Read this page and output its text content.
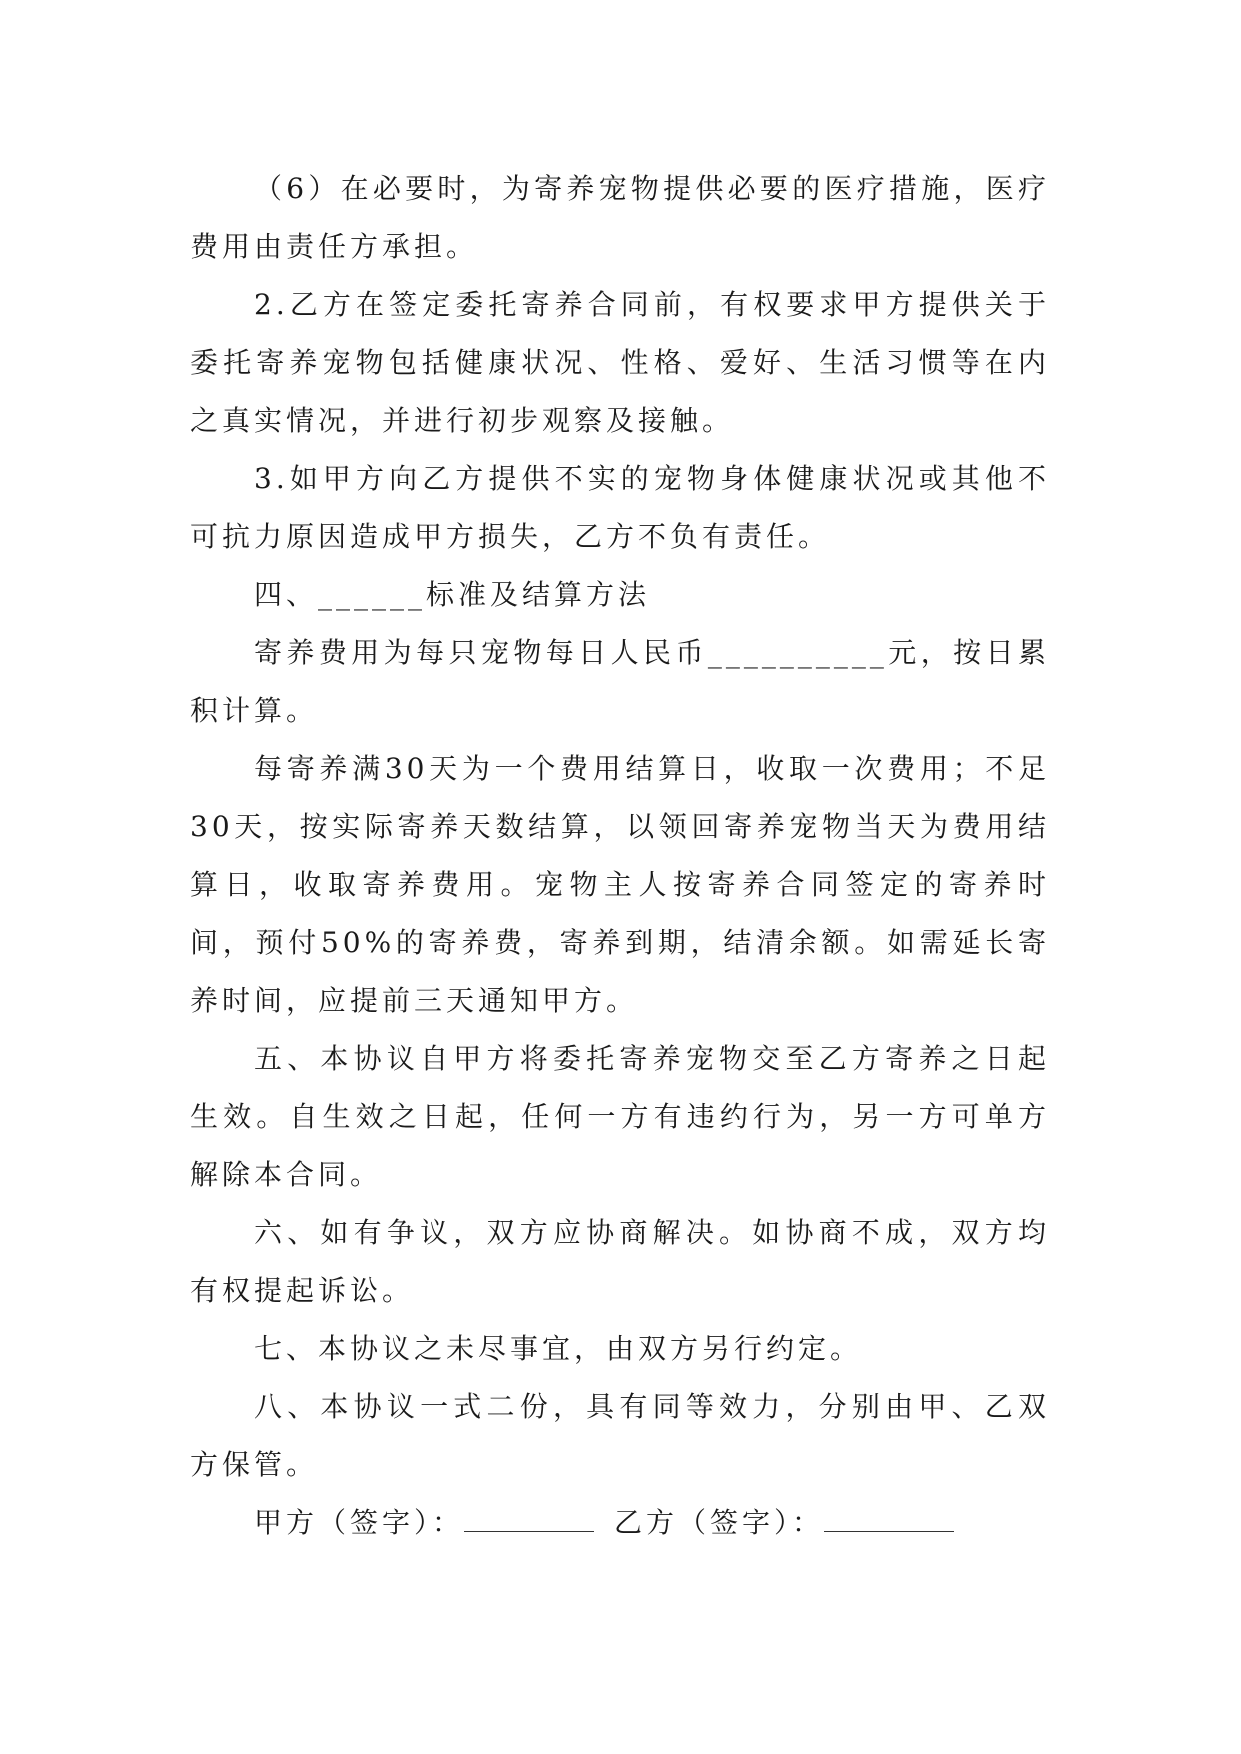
（6）在必要时，为寄养宠物提供必要的医疗措施，医疗费用由责任方承担。

2.乙方在签定委托寄养合同前，有权要求甲方提供关于委托寄养宠物包括健康状况、性格、爱好、生活习惯等在内之真实情况，并进行初步观察及接触。

3.如甲方向乙方提供不实的宠物身体健康状况或其他不可抗力原因造成甲方损失，乙方不负有责任。

四、______标准及结算方法

寄养费用为每只宠物每日人民币__________元，按日累积计算。

每寄养满30天为一个费用结算日，收取一次费用；不足30天，按实际寄养天数结算，以领回寄养宠物当天为费用结算日，收取寄养费用。宠物主人按寄养合同签定的寄养时间，预付50%的寄养费，寄养到期，结清余额。如需延长寄养时间，应提前三天通知甲方。

五、本协议自甲方将委托寄养宠物交至乙方寄养之日起生效。自生效之日起，任何一方有违约行为，另一方可单方解除本合同。

六、如有争议，双方应协商解决。如协商不成，双方均有权提起诉讼。

七、本协议之未尽事宜，由双方另行约定。

八、本协议一式二份，具有同等效力，分别由甲、乙双方保管。

甲方（签字）：	乙方（签字）：
